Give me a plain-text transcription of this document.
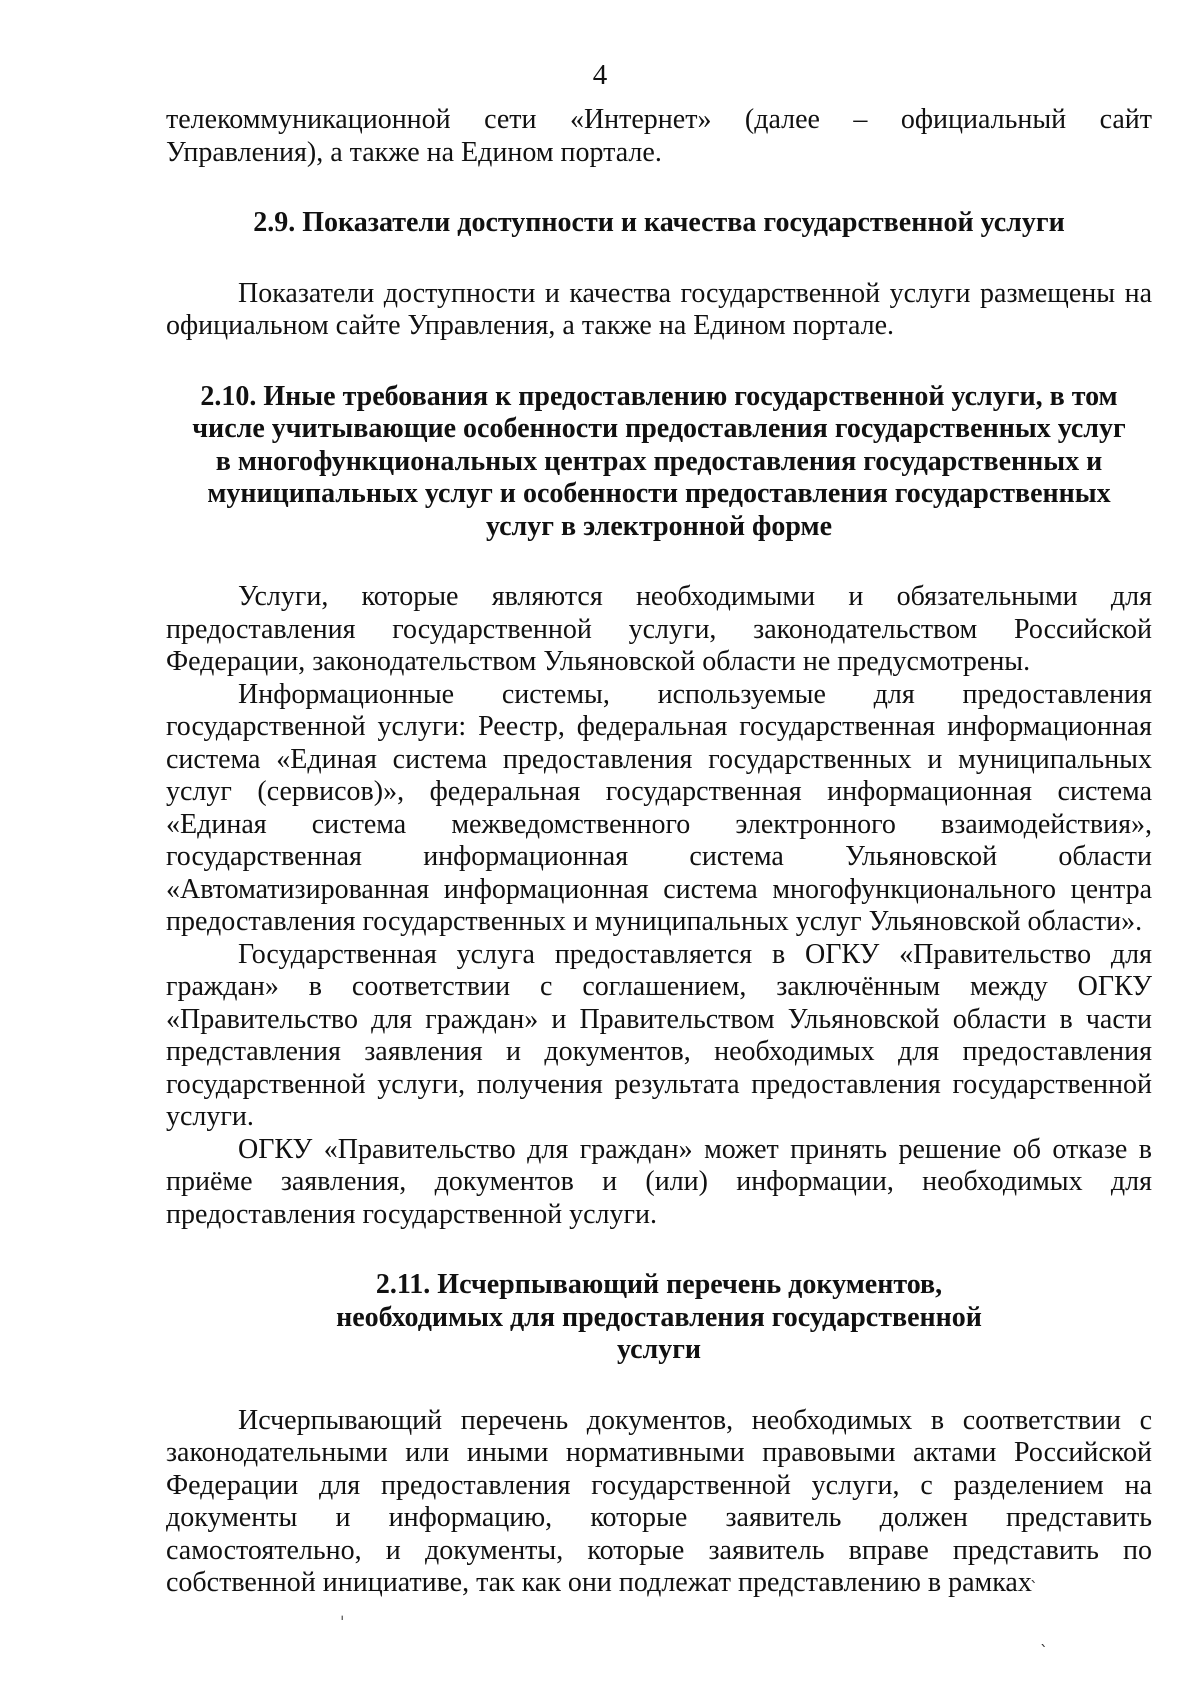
4

телекоммуникационной сети «Интернет» (далее – официальный сайт Управления), а также на Едином портале.

2.9. Показатели доступности и качества государственной услуги

Показатели доступности и качества государственной услуги размещены на официальном сайте Управления, а также на Едином портале.

2.10. Иные требования к предоставлению государственной услуги, в том числе учитывающие особенности предоставления государственных услуг в многофункциональных центрах предоставления государственных и муниципальных услуг и особенности предоставления государственных услуг в электронной форме

Услуги, которые являются необходимыми и обязательными для предоставления государственной услуги, законодательством Российской Федерации, законодательством Ульяновской области не предусмотрены.

Информационные системы, используемые для предоставления государственной услуги: Реестр, федеральная государственная информационная система «Единая система предоставления государственных и муниципальных услуг (сервисов)», федеральная государственная информационная система «Единая система межведомственного электронного взаимодействия», государственная информационная система Ульяновской области «Автоматизированная информационная система многофункционального центра предоставления государственных и муниципальных услуг Ульяновской области».

Государственная услуга предоставляется в ОГКУ «Правительство для граждан» в соответствии с соглашением, заключённым между ОГКУ «Правительство для граждан» и Правительством Ульяновской области в части представления заявления и документов, необходимых для предоставления государственной услуги, получения результата предоставления государственной услуги.

ОГКУ «Правительство для граждан» может принять решение об отказе в приёме заявления, документов и (или) информации, необходимых для предоставления государственной услуги.

2.11. Исчерпывающий перечень документов, необходимых для предоставления государственной услуги

Исчерпывающий перечень документов, необходимых в соответствии с законодательными или иными нормативными правовыми актами Российской Федерации для предоставления государственной услуги, с разделением на документы и информацию, которые заявитель должен представить самостоятельно, и документы, которые заявитель вправе представить по собственной инициативе, так как они подлежат представлению в рамках

ˈ
ˋ
ˎ
